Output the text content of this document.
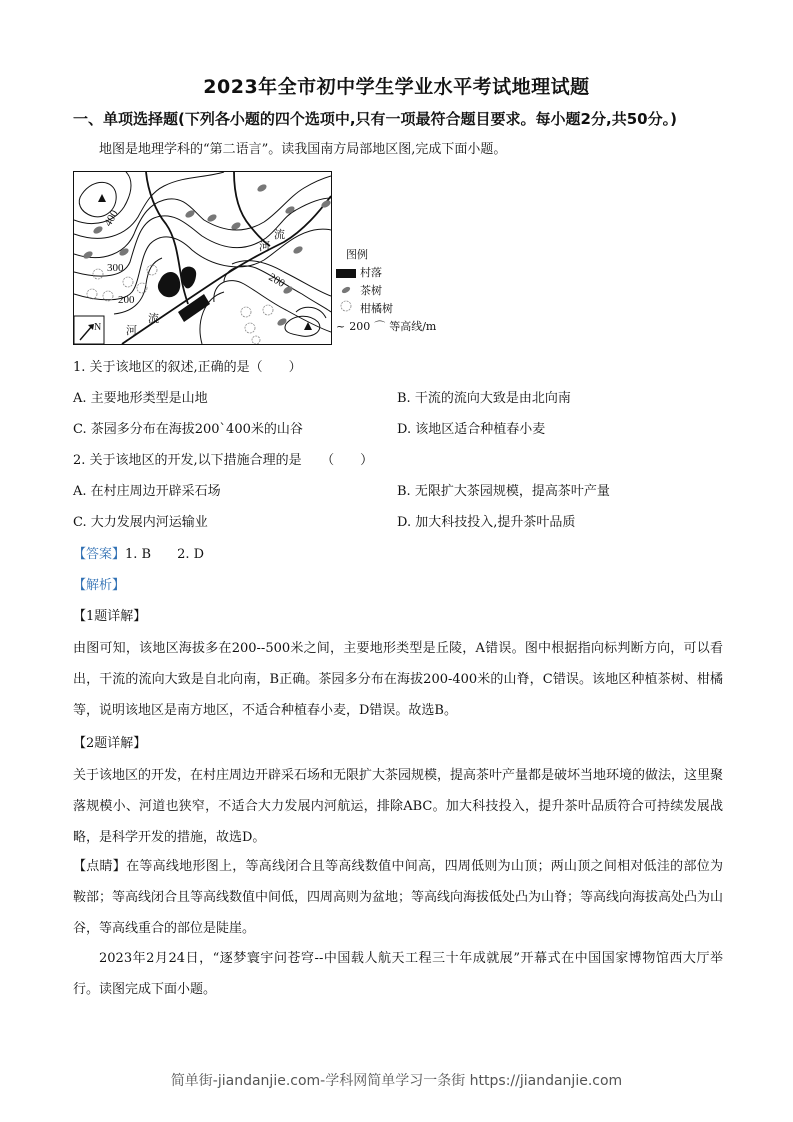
2023年全市初中学生学业水平考试地理试题
一、单项选择题(下列各小题的四个选项中,只有一项最符合题目要求。每小题2分,共50分。)
地图是地理学科的“第二语言”。读我国南方局部地区图,完成下面小题。
400
300
200
200
河
流
河
流
N
图例
村落
茶树
柑橘树
~ 200 ⌒ 等高线/m
1. 关于该地区的叙述,正确的是（　　）
A. 主要地形类型是山地	B. 干流的流向大致是由北向南
C. 茶园多分布在海拔200`400米的山谷	D. 该地区适合种植春小麦
2. 关于该地区的开发,以下措施合理的是　　（　　）
A. 在村庄周边开辟采石场	B. 无限扩大茶园规模，提高茶叶产量
C. 大力发展内河运输业	D. 加大科技投入,提升茶叶品质
【答案】1. B　　2. D
【解析】
【1题详解】
由图可知，该地区海拔多在200--500米之间，主要地形类型是丘陵，A错误。图中根据指向标判断方向，可以看出，干流的流向大致是自北向南，B正确。茶园多分布在海拔200-400米的山脊，C错误。该地区种植茶树、柑橘等，说明该地区是南方地区，不适合种植春小麦，D错误。故选B。
【2题详解】
关于该地区的开发，在村庄周边开辟采石场和无限扩大茶园规模，提高茶叶产量都是破坏当地环境的做法，这里聚落规模小、河道也狭窄，不适合大力发展内河航运，排除ABC。加大科技投入，提升茶叶品质符合可持续发展战略，是科学开发的措施，故选D。
【点睛】在等高线地形图上，等高线闭合且等高线数值中间高，四周低则为山顶；两山顶之间相对低洼的部位为鞍部；等高线闭合且等高线数值中间低，四周高则为盆地；等高线向海拔低处凸为山脊；等高线向海拔高处凸为山谷，等高线重合的部位是陡崖。
2023年2月24日，“逐梦寰宇问苍穹--中国载人航天工程三十年成就展”开幕式在中国国家博物馆西大厅举行。读图完成下面小题。
简单街-jiandanjie.com-学科网简单学习一条街 https://jiandanjie.com
